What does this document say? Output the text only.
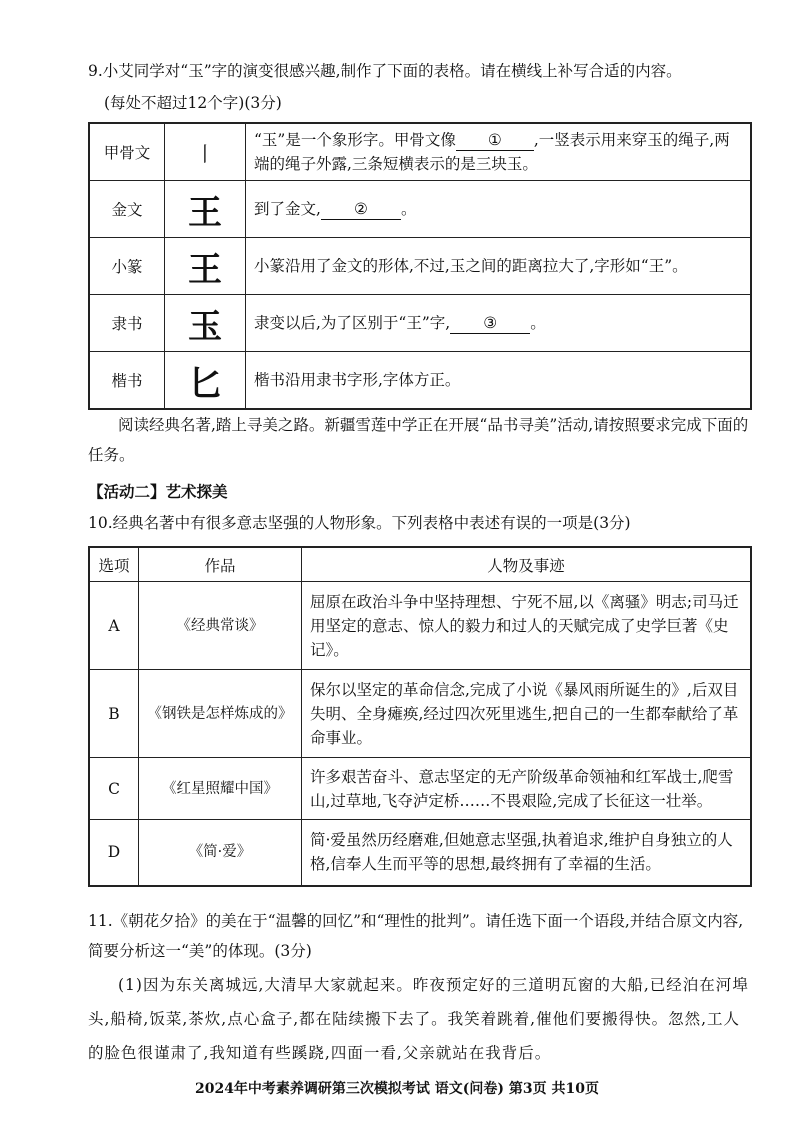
9.小艾同学对“玉”字的演变很感兴趣,制作了下面的表格。请在横线上补写合适的内容。
(每处不超过12个字)(3分)
甲骨文	丨	“玉”是一个象形字。甲骨文像 ① ,一竖表示用来穿玉的绳子,两端的绳子外露,三条短横表示的是三块玉。
金文	王	到了金文, ② 。
小篆	王	小篆沿用了金文的形体,不过,玉之间的距离拉大了,字形如“王”。
隶书	玉	隶变以后,为了区别于“王”字, ③ 。
楷书	匕	楷书沿用隶书字形,字体方正。
阅读经典名著,踏上寻美之路。新疆雪莲中学正在开展“品书寻美”活动,请按照要求完成下面的任务。
【活动二】艺术探美
10.经典名著中有很多意志坚强的人物形象。下列表格中表述有误的一项是(3分)
选项	作品	人物及事迹
A	《经典常谈》	屈原在政治斗争中坚持理想、宁死不屈,以《离骚》明志;司马迁用坚定的意志、惊人的毅力和过人的天赋完成了史学巨著《史记》。
B	《钢铁是怎样炼成的》	保尔以坚定的革命信念,完成了小说《暴风雨所诞生的》,后双目失明、全身瘫痪,经过四次死里逃生,把自己的一生都奉献给了革命事业。
C	《红星照耀中国》	许多艰苦奋斗、意志坚定的无产阶级革命领袖和红军战士,爬雪山,过草地,飞夺泸定桥……不畏艰险,完成了长征这一壮举。
D	《简·爱》	简·爱虽然历经磨难,但她意志坚强,执着追求,维护自身独立的人格,信奉人生而平等的思想,最终拥有了幸福的生活。
11.《朝花夕拾》的美在于“温馨的回忆”和“理性的批判”。请任选下面一个语段,并结合原文内容,简要分析这一“美”的体现。(3分)
(1)因为东关离城远,大清早大家就起来。昨夜预定好的三道明瓦窗的大船,已经泊在河埠头,船椅,饭菜,茶炊,点心盒子,都在陆续搬下去了。我笑着跳着,催他们要搬得快。忽然,工人的脸色很谨肃了,我知道有些蹊跷,四面一看,父亲就站在我背后。
2024年中考素养调研第三次模拟考试 语文(问卷) 第3页 共10页
